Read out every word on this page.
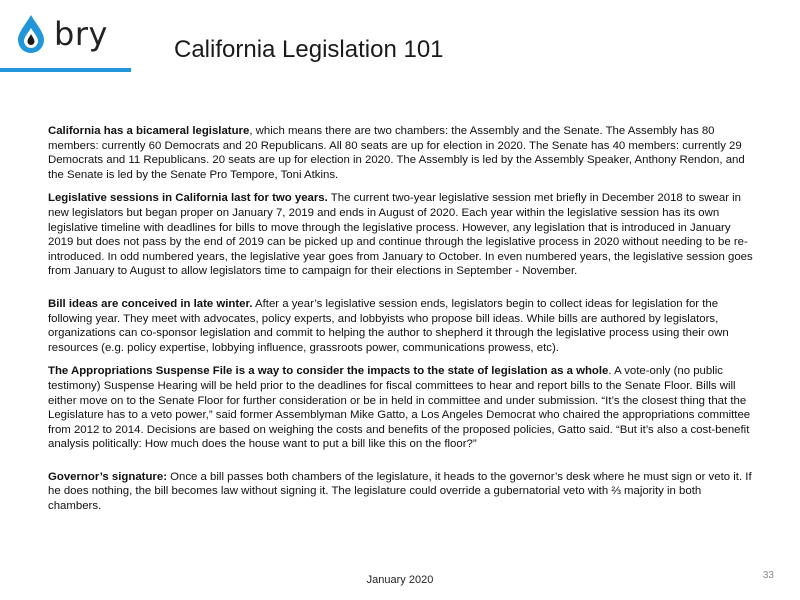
bry	California Legislation 101

California has a bicameral legislature, which means there are two chambers: the Assembly and the Senate. The Assembly has 80 members: currently 60 Democrats and 20 Republicans. All 80 seats are up for election in 2020. The Senate has 40 members: currently 29 Democrats and 11 Republicans. 20 seats are up for election in 2020. The Assembly is led by the Assembly Speaker, Anthony Rendon, and the Senate is led by the Senate Pro Tempore, Toni Atkins.

Legislative sessions in California last for two years. The current two-year legislative session met briefly in December 2018 to swear in new legislators but began proper on January 7, 2019 and ends in August of 2020. Each year within the legislative session has its own legislative timeline with deadlines for bills to move through the legislative process. However, any legislation that is introduced in January 2019 but does not pass by the end of 2019 can be picked up and continue through the legislative process in 2020 without needing to be re-introduced. In odd numbered years, the legislative year goes from January to October. In even numbered years, the legislative session goes from January to August to allow legislators time to campaign for their elections in September - November.

Bill ideas are conceived in late winter. After a year’s legislative session ends, legislators begin to collect ideas for legislation for the following year. They meet with advocates, policy experts, and lobbyists who propose bill ideas. While bills are authored by legislators, organizations can co-sponsor legislation and commit to helping the author to shepherd it through the legislative process using their own resources (e.g. policy expertise, lobbying influence, grassroots power, communications prowess, etc).

The Appropriations Suspense File is a way to consider the impacts to the state of legislation as a whole. A vote-only (no public testimony) Suspense Hearing will be held prior to the deadlines for fiscal committees to hear and report bills to the Senate Floor. Bills will either move on to the Senate Floor for further consideration or be in held in committee and under submission. “It’s the closest thing that the Legislature has to a veto power,” said former Assemblyman Mike Gatto, a Los Angeles Democrat who chaired the appropriations committee from 2012 to 2014. Decisions are based on weighing the costs and benefits of the proposed policies, Gatto said. “But it’s also a cost-benefit analysis politically: How much does the house want to put a bill like this on the floor?”

Governor’s signature: Once a bill passes both chambers of the legislature, it heads to the governor’s desk where he must sign or veto it. If he does nothing, the bill becomes law without signing it. The legislature could override a gubernatorial veto with ⅔ majority in both chambers.

January 2020	33
